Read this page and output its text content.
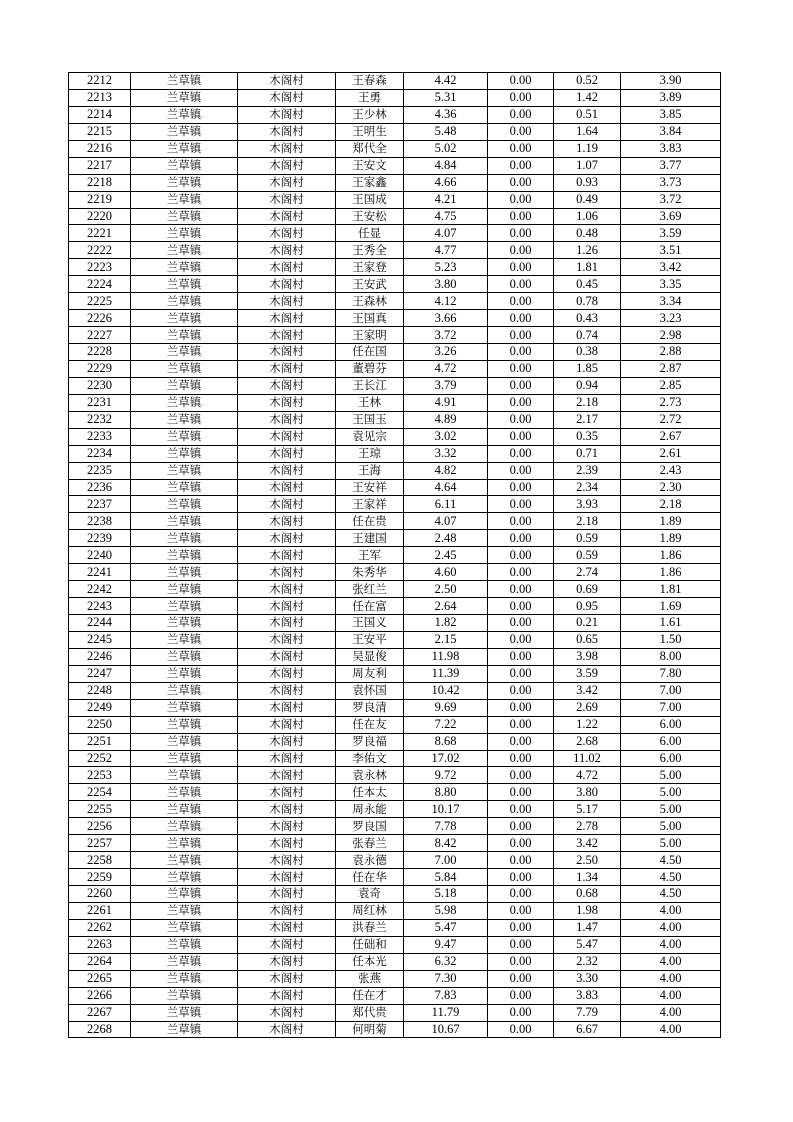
2212	兰草镇	木阁村	王春森	4.42	0.00	0.52	3.90
2213	兰草镇	木阁村	王勇	5.31	0.00	1.42	3.89
2214	兰草镇	木阁村	王少林	4.36	0.00	0.51	3.85
2215	兰草镇	木阁村	王明生	5.48	0.00	1.64	3.84
2216	兰草镇	木阁村	郑代全	5.02	0.00	1.19	3.83
2217	兰草镇	木阁村	王安文	4.84	0.00	1.07	3.77
2218	兰草镇	木阁村	王家鑫	4.66	0.00	0.93	3.73
2219	兰草镇	木阁村	王国成	4.21	0.00	0.49	3.72
2220	兰草镇	木阁村	王安松	4.75	0.00	1.06	3.69
2221	兰草镇	木阁村	任显	4.07	0.00	0.48	3.59
2222	兰草镇	木阁村	王秀全	4.77	0.00	1.26	3.51
2223	兰草镇	木阁村	王家登	5.23	0.00	1.81	3.42
2224	兰草镇	木阁村	王安武	3.80	0.00	0.45	3.35
2225	兰草镇	木阁村	王森林	4.12	0.00	0.78	3.34
2226	兰草镇	木阁村	王国真	3.66	0.00	0.43	3.23
2227	兰草镇	木阁村	王家明	3.72	0.00	0.74	2.98
2228	兰草镇	木阁村	任在国	3.26	0.00	0.38	2.88
2229	兰草镇	木阁村	董碧芬	4.72	0.00	1.85	2.87
2230	兰草镇	木阁村	王长江	3.79	0.00	0.94	2.85
2231	兰草镇	木阁村	王林	4.91	0.00	2.18	2.73
2232	兰草镇	木阁村	王国玉	4.89	0.00	2.17	2.72
2233	兰草镇	木阁村	袁见宗	3.02	0.00	0.35	2.67
2234	兰草镇	木阁村	王琼	3.32	0.00	0.71	2.61
2235	兰草镇	木阁村	王海	4.82	0.00	2.39	2.43
2236	兰草镇	木阁村	王安祥	4.64	0.00	2.34	2.30
2237	兰草镇	木阁村	王家祥	6.11	0.00	3.93	2.18
2238	兰草镇	木阁村	任在贵	4.07	0.00	2.18	1.89
2239	兰草镇	木阁村	王建国	2.48	0.00	0.59	1.89
2240	兰草镇	木阁村	王军	2.45	0.00	0.59	1.86
2241	兰草镇	木阁村	朱秀华	4.60	0.00	2.74	1.86
2242	兰草镇	木阁村	张红兰	2.50	0.00	0.69	1.81
2243	兰草镇	木阁村	任在富	2.64	0.00	0.95	1.69
2244	兰草镇	木阁村	王国义	1.82	0.00	0.21	1.61
2245	兰草镇	木阁村	王安平	2.15	0.00	0.65	1.50
2246	兰草镇	木阁村	吴显俊	11.98	0.00	3.98	8.00
2247	兰草镇	木阁村	周友利	11.39	0.00	3.59	7.80
2248	兰草镇	木阁村	袁怀国	10.42	0.00	3.42	7.00
2249	兰草镇	木阁村	罗良清	9.69	0.00	2.69	7.00
2250	兰草镇	木阁村	任在友	7.22	0.00	1.22	6.00
2251	兰草镇	木阁村	罗良福	8.68	0.00	2.68	6.00
2252	兰草镇	木阁村	李佑文	17.02	0.00	11.02	6.00
2253	兰草镇	木阁村	袁永林	9.72	0.00	4.72	5.00
2254	兰草镇	木阁村	任本太	8.80	0.00	3.80	5.00
2255	兰草镇	木阁村	周永能	10.17	0.00	5.17	5.00
2256	兰草镇	木阁村	罗良国	7.78	0.00	2.78	5.00
2257	兰草镇	木阁村	张春兰	8.42	0.00	3.42	5.00
2258	兰草镇	木阁村	袁永德	7.00	0.00	2.50	4.50
2259	兰草镇	木阁村	任在华	5.84	0.00	1.34	4.50
2260	兰草镇	木阁村	袁奇	5.18	0.00	0.68	4.50
2261	兰草镇	木阁村	周红林	5.98	0.00	1.98	4.00
2262	兰草镇	木阁村	洪春兰	5.47	0.00	1.47	4.00
2263	兰草镇	木阁村	任础和	9.47	0.00	5.47	4.00
2264	兰草镇	木阁村	任本光	6.32	0.00	2.32	4.00
2265	兰草镇	木阁村	张燕	7.30	0.00	3.30	4.00
2266	兰草镇	木阁村	任在才	7.83	0.00	3.83	4.00
2267	兰草镇	木阁村	郑代贵	11.79	0.00	7.79	4.00
2268	兰草镇	木阁村	何明菊	10.67	0.00	6.67	4.00
